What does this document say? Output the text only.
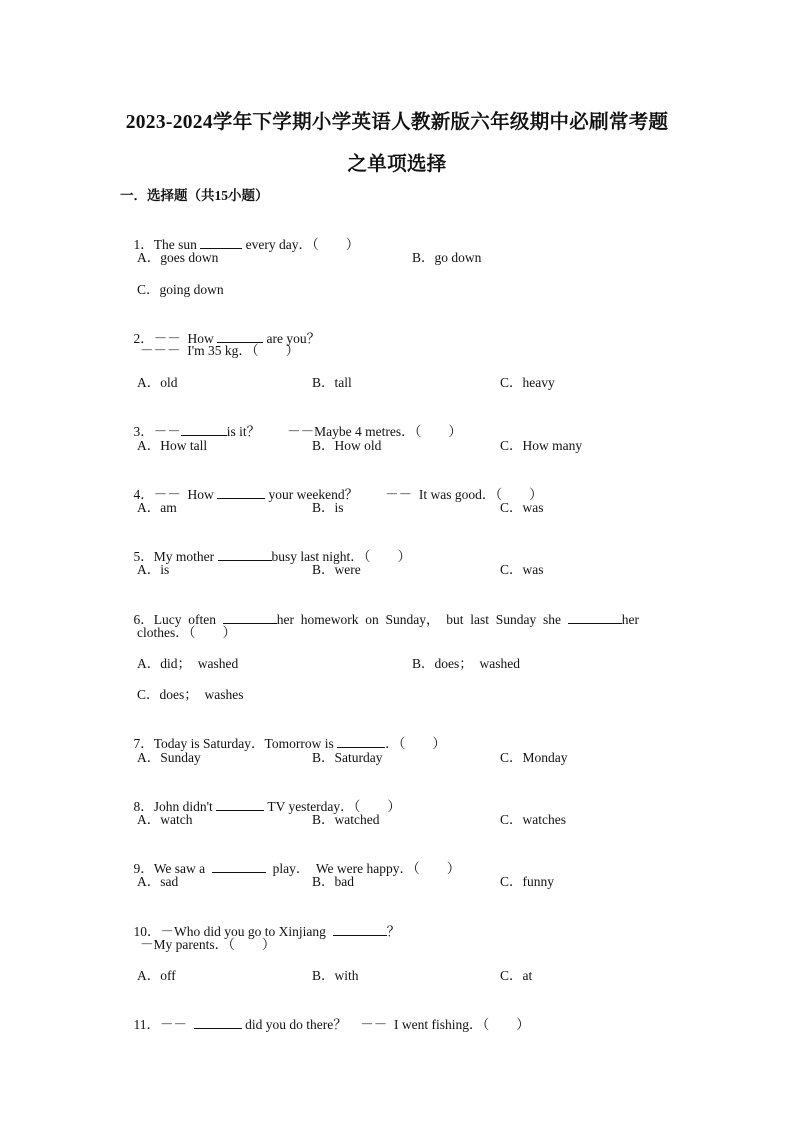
2023-2024学年下学期小学英语人教新版六年级期中必刷常考题
之单项选择
一．选择题（共15小题）

1．The sun	every day．（　　）

A．goes down	B．go down
C．going down

2．－－  How	are you？

－－－  I'm 35 kg．（　　）
A．old	B．tall	C．heavy

3．－－	is it？　　－－Maybe 4 metres．（　　）

A．How tall	B．How old	C．How many

4．－－  How	your weekend？　　－－  It was good．（　　）

A．am	B．is	C．was

5．My mother	busy last night．（　　）

A．is	B．were	C．was

6．Lucy  often	her  homework  on  Sunday，  but  last  Sunday  she	her

clothes．（　　）
A．did；  washed	B．does；  washed
C．does；  washes

7．Today is Saturday．Tomorrow is	．（　　）

A．Sunday	B．Saturday	C．Monday

8．John didn't	TV yesterday．（　　）

A．watch	B．watched	C．watches

9．We saw a	play．  We were happy．（　　）

A．sad	B．bad	C．funny

10．－Who did you go to Xinjiang	？

－My parents．（　　）
A．off	B．with	C．at

11．－－	did you do there？　－－  I went fishing．（　　）
